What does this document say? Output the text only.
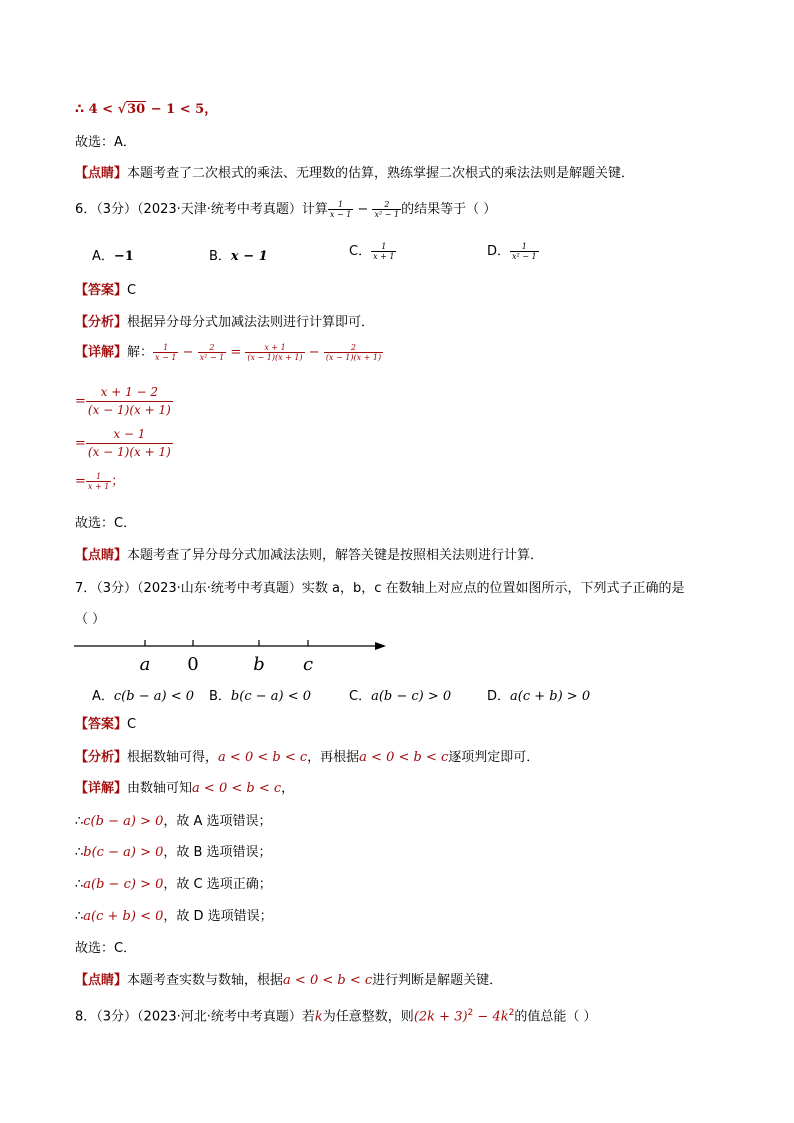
∴ 4 < √30 − 1 < 5，
故选：A．
【点睛】本题考查了二次根式的乘法、无理数的估算，熟练掌握二次根式的乘法法则是解题关键．
6．（3分）（2023·天津·统考中考真题）计算 $\frac{1}{x - 1} - \frac{2}{\text{x² − 1}}$ 的结果等于（ ）
A．−1	B．x − 1	C． $\frac{1}{x + 1}$	D． $\frac{1}{\text{x² − 1}}$
【答案】C
【分析】根据异分母分式加减法法则进行计算即可．
【详解】解： $\frac{1}{x - 1} - \frac{2}{\text{x² − 1}} = \frac{x + 1}{(x - 1)(x + 1)} - \frac{2}{(x - 1)(x + 1)}$
= $\frac{x + 1 - 2}{(x - 1)(x + 1)}$
= $\frac{x - 1}{(x - 1)(x + 1)}$
= $\frac{1}{x + 1}$ ；
故选：C．
【点睛】本题考查了异分母分式加减法法则，解答关键是按照相关法则进行计算．
7．（3分）（2023·山东·统考中考真题）实数 a，b，c 在数轴上对应点的位置如图所示，下列式子正确的是
（ ）
a 0	b c
A．c(b − a) < 0 B．b(c − a) < 0	C．a(b − c) > 0	D．a(c + b) > 0
【答案】C
【分析】根据数轴可得，a < 0 < b < c，再根据a < 0 < b < c逐项判定即可．
【详解】由数轴可知a < 0 < b < c，
∴c(b − a) > 0，故 A 选项错误；
∴b(c − a) > 0，故 B 选项错误；
∴a(b − c) > 0，故 C 选项正确；
∴a(c + b) < 0，故 D 选项错误；
故选：C．
【点睛】本题考查实数与数轴，根据a < 0 < b < c进行判断是解题关键．
8．（3分）（2023·河北·统考中考真题）若k为任意整数，则$(2k + 3)^2 - 4k^2$的值总能（ ）
